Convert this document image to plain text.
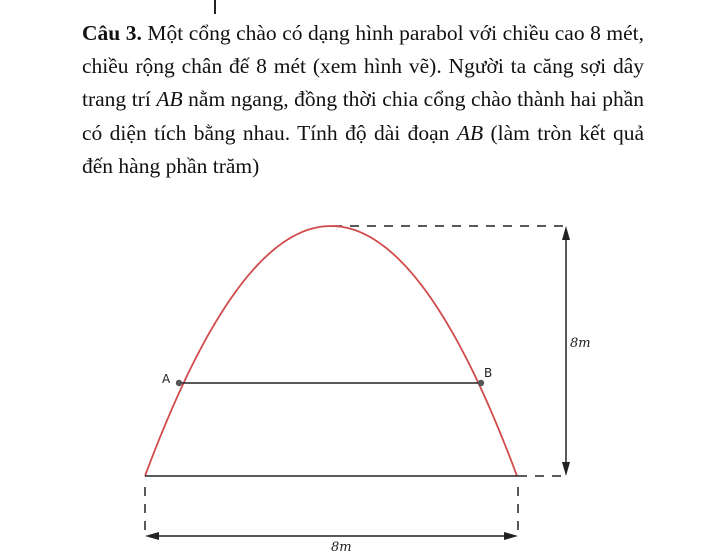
Câu 3. Một cổng chào có dạng hình parabol với chiều cao 8 mét, chiều rộng chân đế 8 mét (xem hình vẽ). Người ta căng sợi dây trang trí AB nằm ngang, đồng thời chia cổng chào thành hai phần có diện tích bằng nhau. Tính độ dài đoạn AB (làm tròn kết quả đến hàng phần trăm)
8m
A	B
8m
